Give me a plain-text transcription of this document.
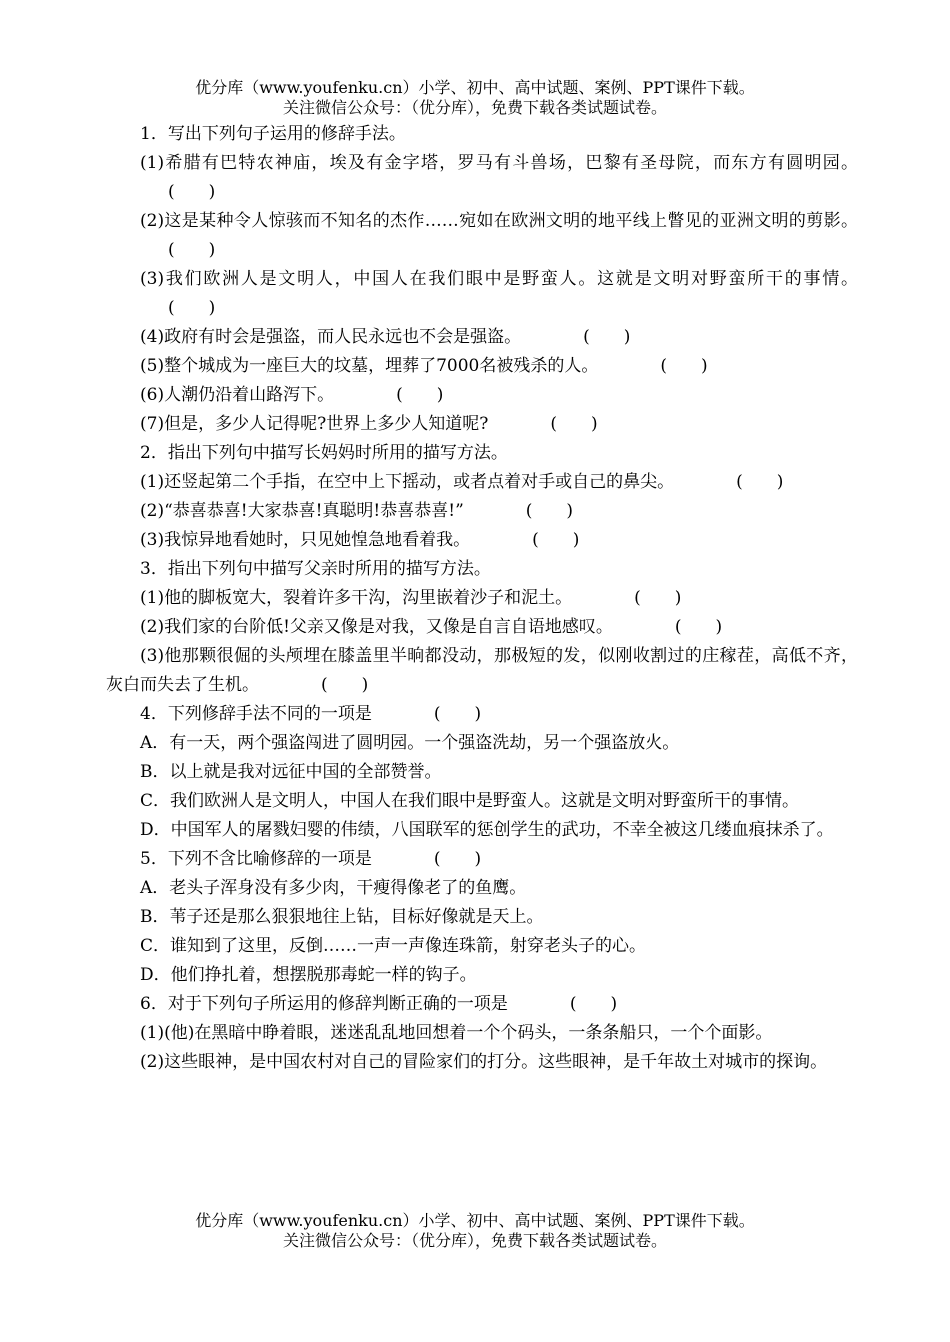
优分库（www.youfenku.cn）小学、初中、高中试题、案例、PPT课件下载。
关注微信公众号：（优分库），免费下载各类试题试卷。

1．写出下列句子运用的修辞手法。

(1)希腊有巴特农神庙，埃及有金字塔，罗马有斗兽场，巴黎有圣母院，而东方有圆明园。(　　)

(2)这是某种令人惊骇而不知名的杰作……宛如在欧洲文明的地平线上瞥见的亚洲文明的剪影。(　　)

(3)我们欧洲人是文明人，中国人在我们眼中是野蛮人。这就是文明对野蛮所干的事情。(　　)

(4)政府有时会是强盗，而人民永远也不会是强盗。	(　　)

(5)整个城成为一座巨大的坟墓，埋葬了7000名被残杀的人。	(　　)

(6)人潮仍沿着山路泻下。	(　　)

(7)但是，多少人记得呢?世界上多少人知道呢?	(　　)

2．指出下列句中描写长妈妈时所用的描写方法。

(1)还竖起第二个手指，在空中上下摇动，或者点着对手或自己的鼻尖。	(　　)

(2)“恭喜恭喜!大家恭喜!真聪明!恭喜恭喜!”	(　　)

(3)我惊异地看她时，只见她惶急地看着我。	(　　)

3．指出下列句中描写父亲时所用的描写方法。

(1)他的脚板宽大，裂着许多干沟，沟里嵌着沙子和泥土。	(　　)

(2)我们家的台阶低!父亲又像是对我，又像是自言自语地感叹。	(　　)

(3)他那颗很倔的头颅埋在膝盖里半晌都没动，那极短的发，似刚收割过的庄稼茬，高低不齐，灰白而失去了生机。	(　　)

4．下列修辞手法不同的一项是	(　　)

A．有一天，两个强盗闯进了圆明园。一个强盗洗劫，另一个强盗放火。

B．以上就是我对远征中国的全部赞誉。

C．我们欧洲人是文明人，中国人在我们眼中是野蛮人。这就是文明对野蛮所干的事情。

D．中国军人的屠戮妇婴的伟绩，八国联军的惩创学生的武功，不幸全被这几缕血痕抹杀了。

5．下列不含比喻修辞的一项是	(　　)

A．老头子浑身没有多少肉，干瘦得像老了的鱼鹰。

B．苇子还是那么狠狠地往上钻，目标好像就是天上。

C．谁知到了这里，反倒……一声一声像连珠箭，射穿老头子的心。

D．他们挣扎着，想摆脱那毒蛇一样的钩子。

6．对于下列句子所运用的修辞判断正确的一项是	(　　)

(1)(他)在黑暗中睁着眼，迷迷乱乱地回想着一个个码头，一条条船只，一个个面影。

(2)这些眼神，是中国农村对自己的冒险家们的打分。这些眼神，是千年故土对城市的探询。

优分库（www.youfenku.cn）小学、初中、高中试题、案例、PPT课件下载。
关注微信公众号：（优分库），免费下载各类试题试卷。
